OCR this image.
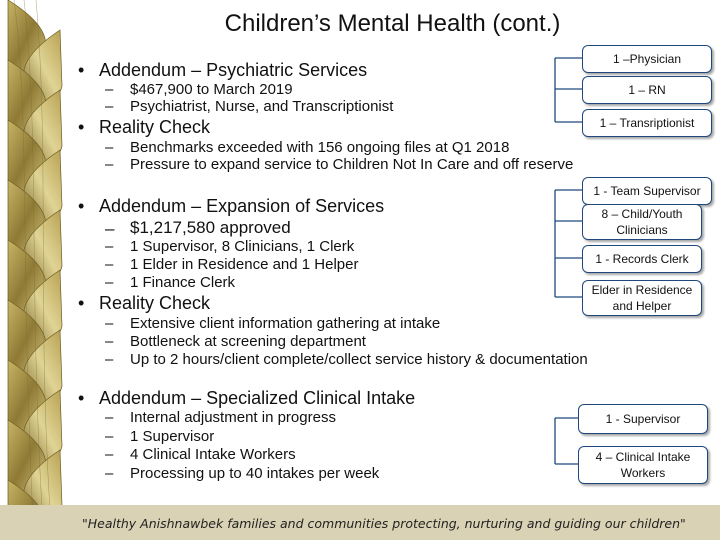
Children’s Mental Health (cont.)
• Addendum – Psychiatric Services
– $467,900 to March 2019
– Psychiatrist, Nurse, and Transcriptionist
• Reality Check
– Benchmarks exceeded with 156 ongoing files at Q1 2018
– Pressure to expand service to Children Not In Care and off reserve
• Addendum – Expansion of Services
– $1,217,580 approved
– 1 Supervisor, 8 Clinicians, 1 Clerk
– 1 Elder in Residence and 1 Helper
– 1 Finance Clerk
• Reality Check
– Extensive client information gathering at intake
– Bottleneck at screening department
– Up to 2 hours/client complete/collect service history & documentation
• Addendum – Specialized Clinical Intake
– Internal adjustment in progress
– 1 Supervisor
– 4 Clinical Intake Workers
– Processing up to 40 intakes per week
1 –Physician
1 – RN
1 – Transriptionist
1 - Team Supervisor
8 – Child/Youth Clinicians
1 - Records Clerk
Elder in Residence and Helper
1 - Supervisor
4 – Clinical Intake Workers
"Healthy Anishnawbek families and communities protecting, nurturing and guiding our children"
